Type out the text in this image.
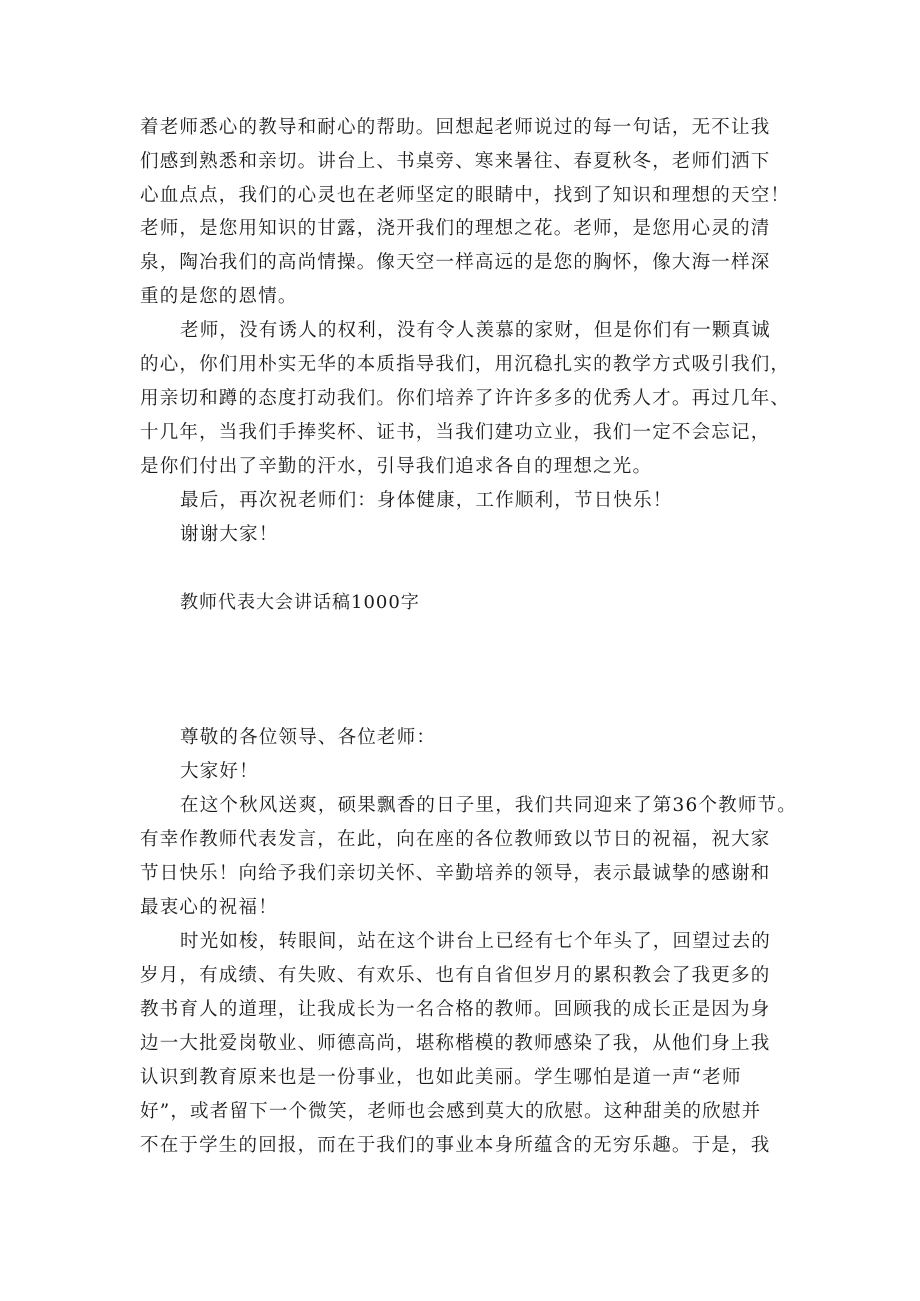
着老师悉心的教导和耐心的帮助。回想起老师说过的每一句话，无不让我
们感到熟悉和亲切。讲台上、书桌旁、寒来暑往、春夏秋冬，老师们洒下
心血点点，我们的心灵也在老师坚定的眼睛中，找到了知识和理想的天空！
老师，是您用知识的甘露，浇开我们的理想之花。老师，是您用心灵的清
泉，陶冶我们的高尚情操。像天空一样高远的是您的胸怀，像大海一样深
重的是您的恩情。
老师，没有诱人的权利，没有令人羡慕的家财，但是你们有一颗真诚
的心，你们用朴实无华的本质指导我们，用沉稳扎实的教学方式吸引我们，
用亲切和蹲的态度打动我们。你们培养了许许多多的优秀人才。再过几年、
十几年，当我们手捧奖杯、证书，当我们建功立业，我们一定不会忘记，
是你们付出了辛勤的汗水，引导我们追求各自的理想之光。
最后，再次祝老师们：身体健康，工作顺利，节日快乐！
谢谢大家！
教师代表大会讲话稿1000字
尊敬的各位领导、各位老师：
大家好！
在这个秋风送爽，硕果飘香的日子里，我们共同迎来了第36个教师节。
有幸作教师代表发言，在此，向在座的各位教师致以节日的祝福，祝大家
节日快乐！向给予我们亲切关怀、辛勤培养的领导，表示最诚挚的感谢和
最衷心的祝福！
时光如梭，转眼间，站在这个讲台上已经有七个年头了，回望过去的
岁月，有成绩、有失败、有欢乐、也有自省但岁月的累积教会了我更多的
教书育人的道理，让我成长为一名合格的教师。回顾我的成长正是因为身
边一大批爱岗敬业、师德高尚，堪称楷模的教师感染了我，从他们身上我
认识到教育原来也是一份事业，也如此美丽。学生哪怕是道一声“老师
好”，或者留下一个微笑，老师也会感到莫大的欣慰。这种甜美的欣慰并
不在于学生的回报，而在于我们的事业本身所蕴含的无穷乐趣。于是，我
